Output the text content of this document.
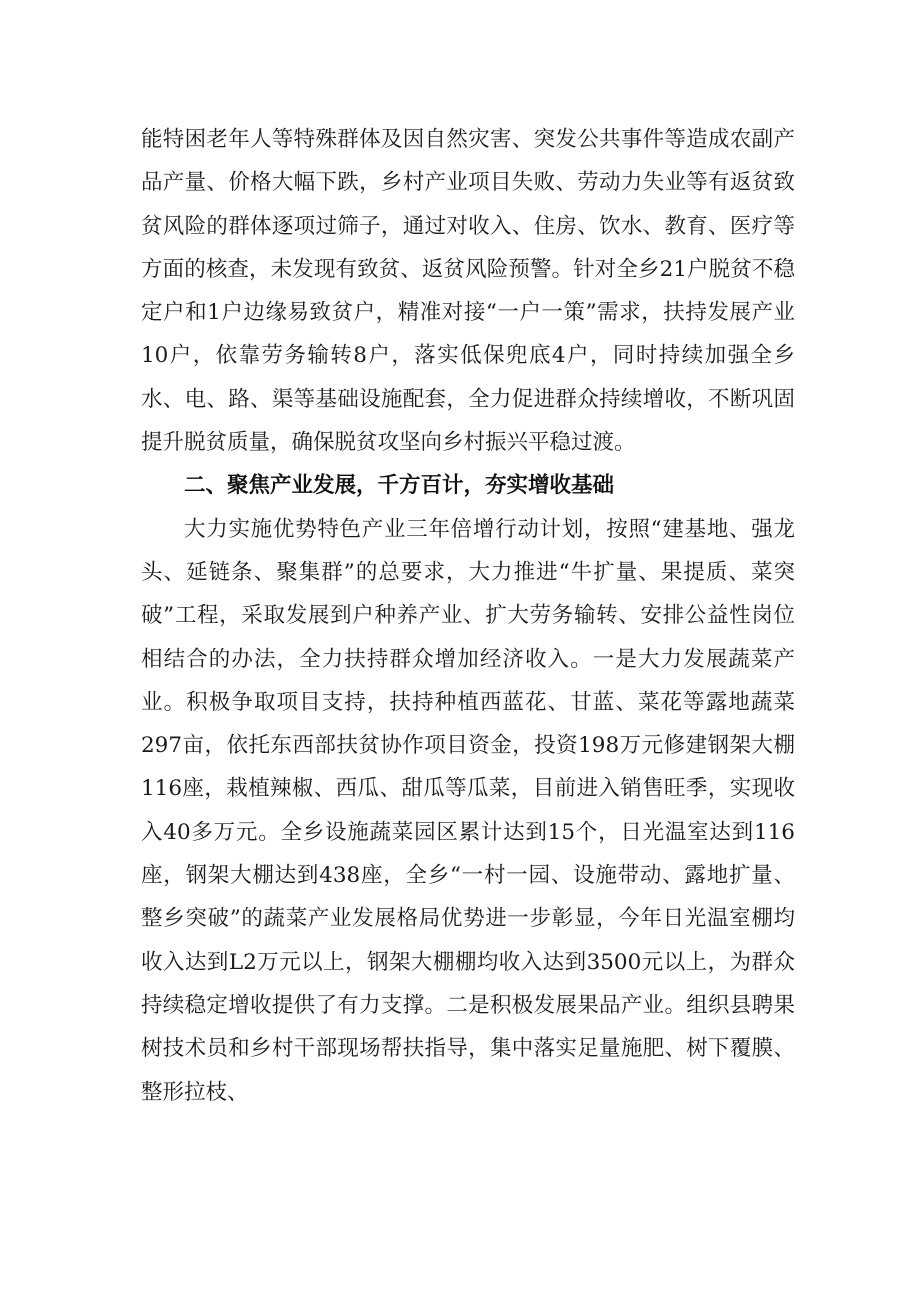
能特困老年人等特殊群体及因自然灾害、突发公共事件等造成农副产品产量、价格大幅下跌，乡村产业项目失败、劳动力失业等有返贫致贫风险的群体逐项过筛子，通过对收入、住房、饮水、教育、医疗等方面的核查，未发现有致贫、返贫风险预警。针对全乡21户脱贫不稳定户和1户边缘易致贫户，精准对接“一户一策”需求，扶持发展产业10户，依靠劳务输转8户，落实低保兜底4户，同时持续加强全乡水、电、路、渠等基础设施配套，全力促进群众持续增收，不断巩固提升脱贫质量，确保脱贫攻坚向乡村振兴平稳过渡。

二、聚焦产业发展，千方百计，夯实增收基础

大力实施优势特色产业三年倍增行动计划，按照“建基地、强龙头、延链条、聚集群”的总要求，大力推进“牛扩量、果提质、菜突破”工程，采取发展到户种养产业、扩大劳务输转、安排公益性岗位相结合的办法，全力扶持群众增加经济收入。一是大力发展蔬菜产业。积极争取项目支持，扶持种植西蓝花、甘蓝、菜花等露地蔬菜297亩，依托东西部扶贫协作项目资金，投资198万元修建钢架大棚116座，栽植辣椒、西瓜、甜瓜等瓜菜，目前进入销售旺季，实现收入40多万元。全乡设施蔬菜园区累计达到15个，日光温室达到116座，钢架大棚达到438座，全乡“一村一园、设施带动、露地扩量、整乡突破”的蔬菜产业发展格局优势进一步彰显，今年日光温室棚均收入达到L2万元以上，钢架大棚棚均收入达到3500元以上，为群众持续稳定增收提供了有力支撑。二是积极发展果品产业。组织县聘果树技术员和乡村干部现场帮扶指导，集中落实足量施肥、树下覆膜、整形拉枝、
